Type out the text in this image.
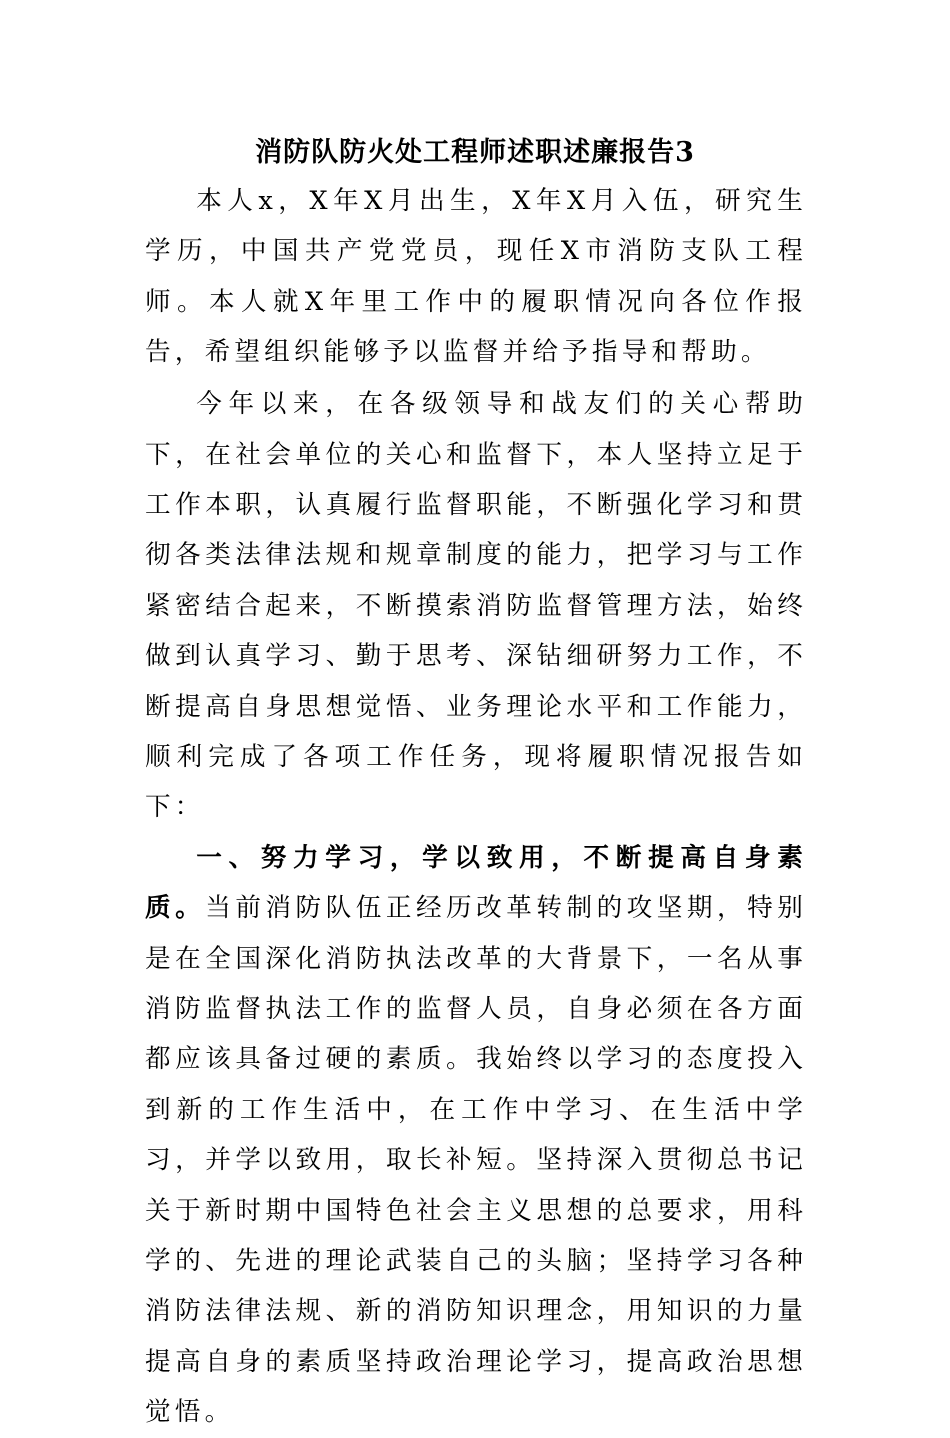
消防队防火处工程师述职述廉报告3

本人x，X年X月出生，X年X月入伍，研究生学历，中国共产党党员，现任X市消防支队工程师。本人就X年里工作中的履职情况向各位作报告，希望组织能够予以监督并给予指导和帮助。

今年以来，在各级领导和战友们的关心帮助下，在社会单位的关心和监督下，本人坚持立足于工作本职，认真履行监督职能，不断强化学习和贯彻各类法律法规和规章制度的能力，把学习与工作紧密结合起来，不断摸索消防监督管理方法，始终做到认真学习、勤于思考、深钻细研努力工作，不断提高自身思想觉悟、业务理论水平和工作能力，顺利完成了各项工作任务，现将履职情况报告如下：

一、努力学习，学以致用，不断提高自身素质。当前消防队伍正经历改革转制的攻坚期，特别是在全国深化消防执法改革的大背景下，一名从事消防监督执法工作的监督人员，自身必须在各方面都应该具备过硬的素质。我始终以学习的态度投入到新的工作生活中，在工作中学习、在生活中学习，并学以致用，取长补短。坚持深入贯彻总书记关于新时期中国特色社会主义思想的总要求，用科学的、先进的理论武装自己的头脑；坚持学习各种消防法律法规、新的消防知识理念，用知识的力量提高自身的素质坚持政治理论学习，提高政治思想觉悟。
